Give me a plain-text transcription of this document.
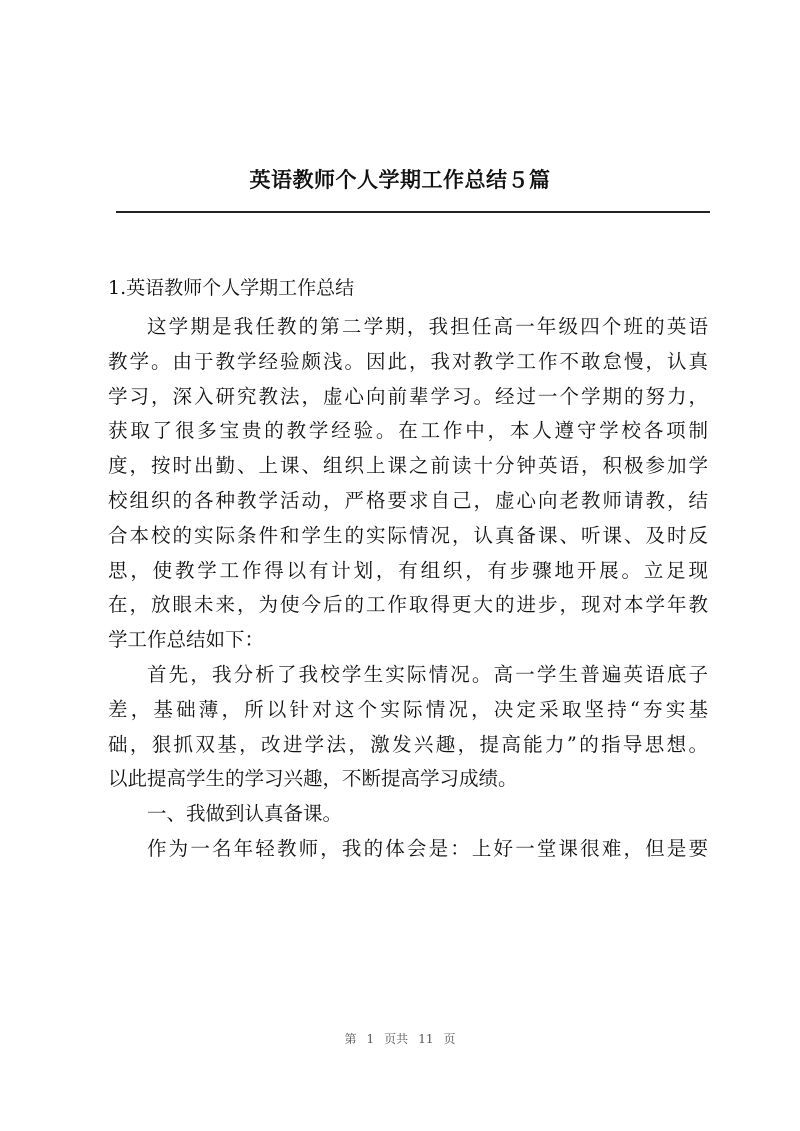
英语教师个人学期工作总结５篇
1.英语教师个人学期工作总结
这学期是我任教的第二学期，我担任高一年级四个班的英语
教学。由于教学经验颇浅。因此，我对教学工作不敢怠慢，认真
学习，深入研究教法，虚心向前辈学习。经过一个学期的努力，
获取了很多宝贵的教学经验。在工作中，本人遵守学校各项制
度，按时出勤、上课、组织上课之前读十分钟英语，积极参加学
校组织的各种教学活动，严格要求自己，虚心向老教师请教，结
合本校的实际条件和学生的实际情况，认真备课、听课、及时反
思，使教学工作得以有计划，有组织，有步骤地开展。立足现
在，放眼未来，为使今后的工作取得更大的进步，现对本学年教
学工作总结如下：
首先，我分析了我校学生实际情况。高一学生普遍英语底子
差，基础薄，所以针对这个实际情况，决定采取坚持“夯实基
础，狠抓双基，改进学法，激发兴趣，提高能力”的指导思想。
以此提高学生的学习兴趣，不断提高学习成绩。
一、我做到认真备课。
作为一名年轻教师，我的体会是：上好一堂课很难，但是要
第 1 页共 11 页
